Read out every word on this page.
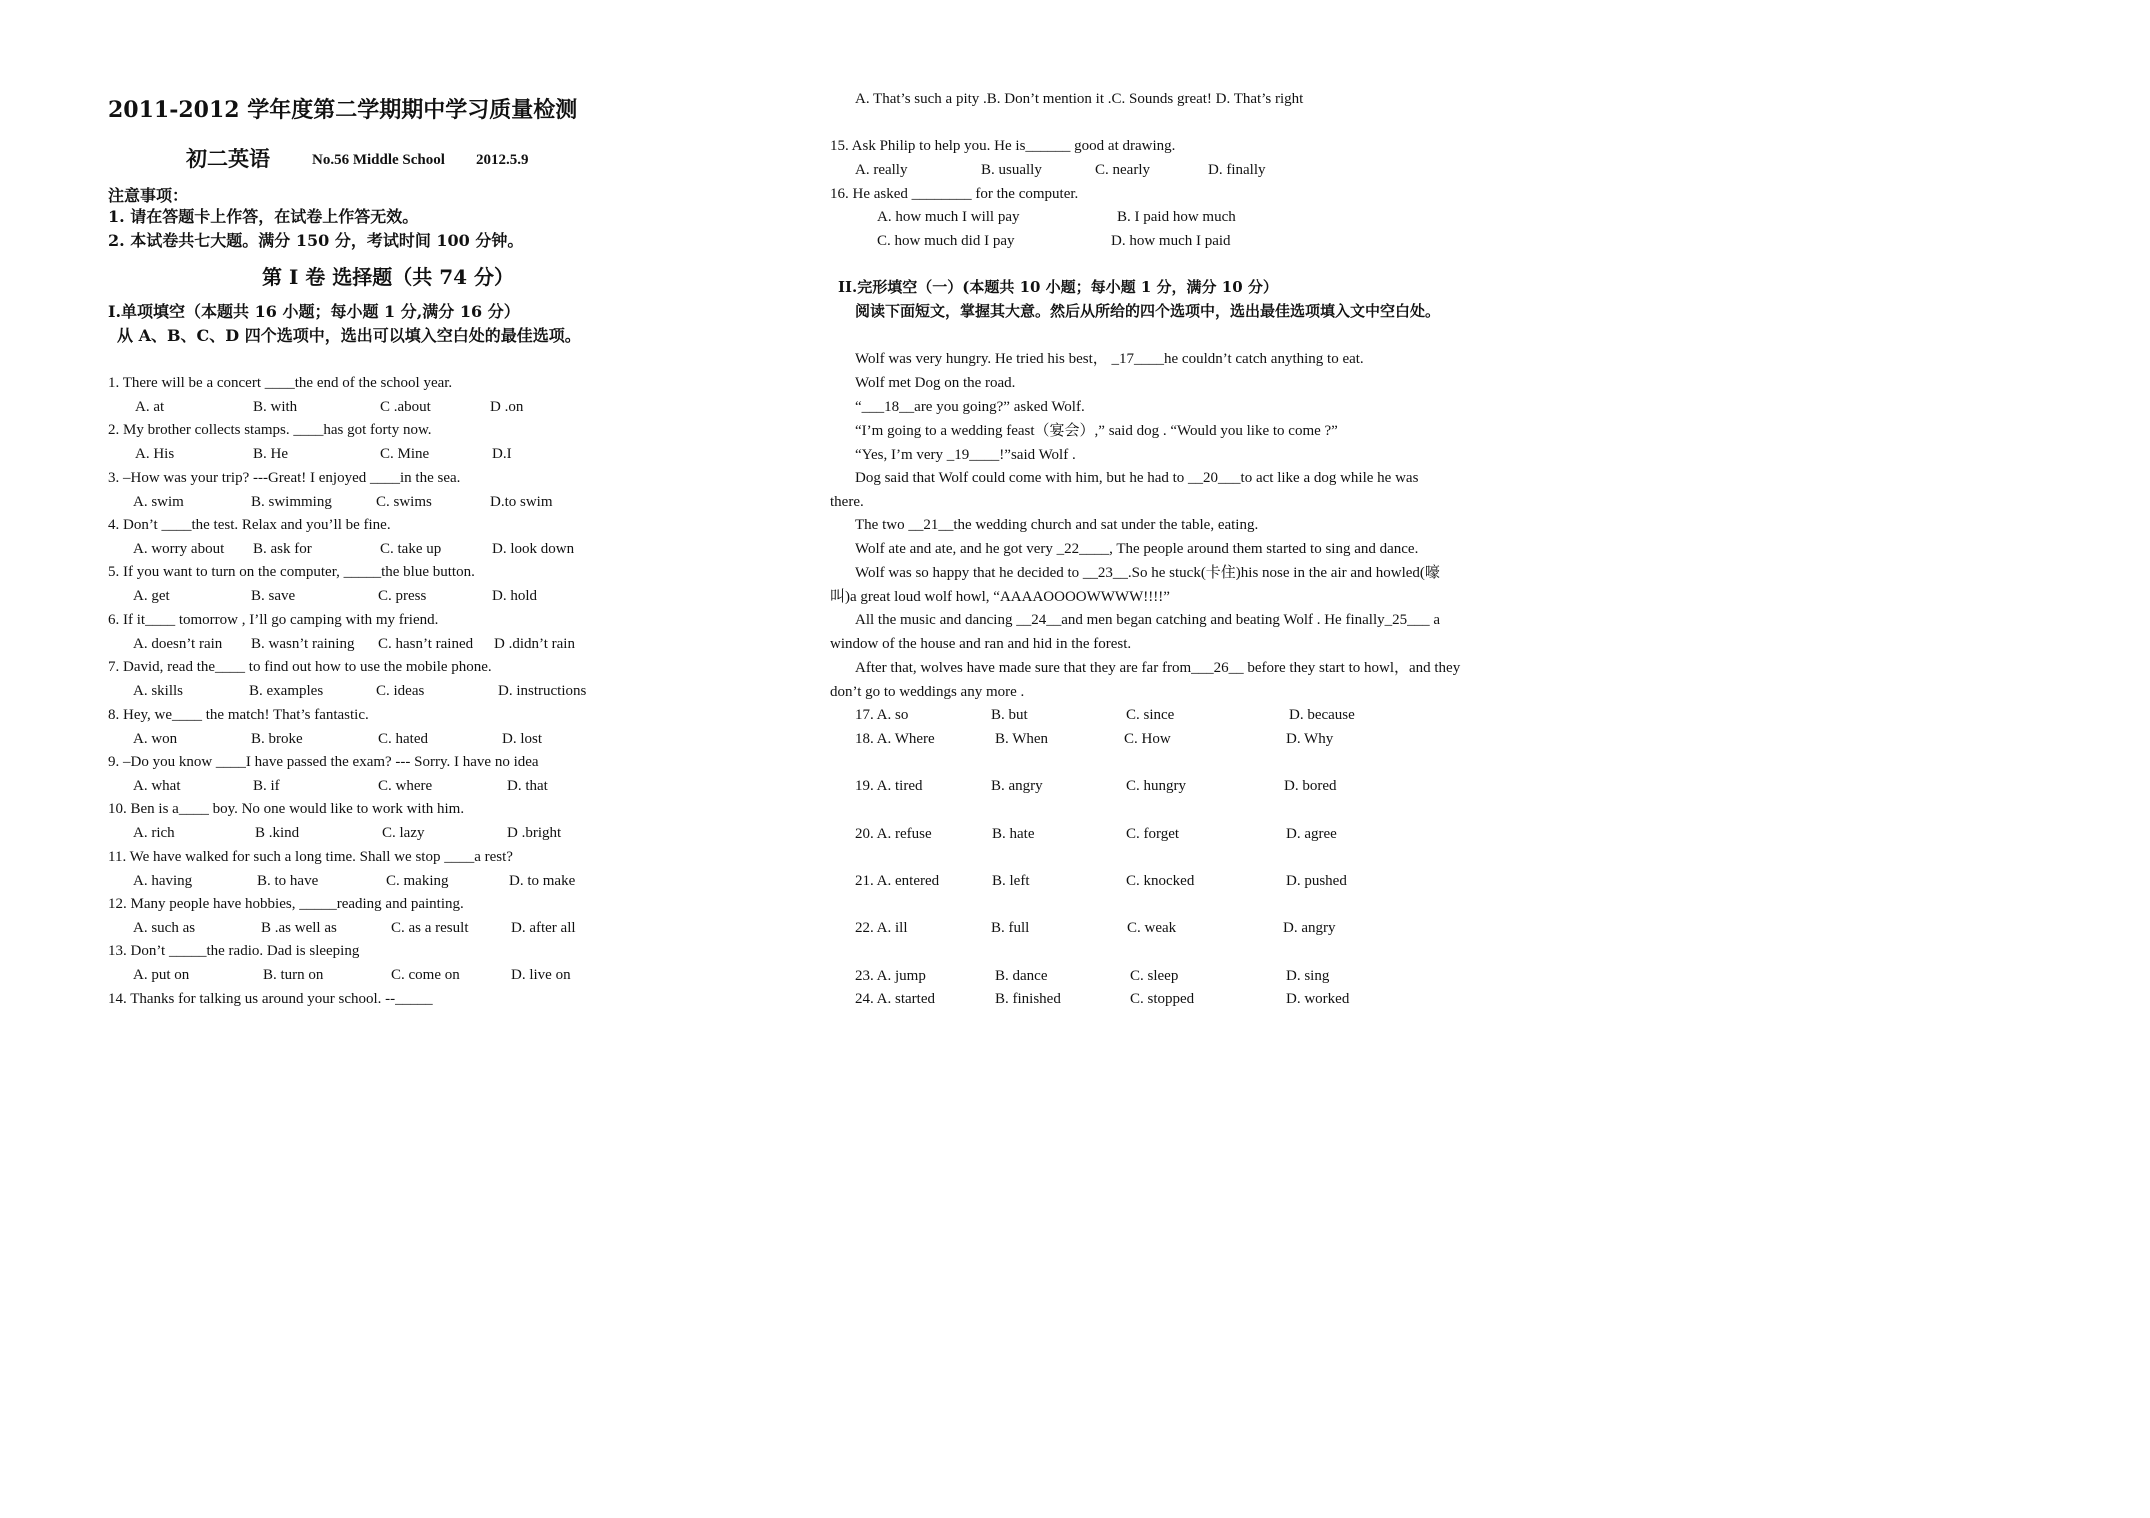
2011-2012 学年度第二学期期中学习质量检测
初二英语	No.56 Middle School 2012.5.9
注意事项：
1. 请在答题卡上作答，在试卷上作答无效。
2. 本试卷共七大题。满分 150 分，考试时间 100 分钟。
第 I 卷 选择题（共 74 分）
I.单项填空（本题共 16 小题；每小题 1 分,满分 16 分）
从 A、B、C、D 四个选项中，选出可以填入空白处的最佳选项。
1. There will be a concert ____the end of the school year.
A. at	B. with	C .about	D .on
2. My brother collects stamps. ____has got forty now.
A. His	B. He	C. Mine	D.I
3. –How was your trip? ---Great! I enjoyed ____in the sea.
A. swim	B. swimming	C. swims	D.to swim
4. Don’t ____the test. Relax and you’ll be fine.
A. worry about B. ask for	C. take up	D. look down
5. If you want to turn on the computer, _____the blue button.
A. get	B. save	C. press	D. hold
6. If it____ tomorrow , I’ll go camping with my friend.
A. doesn’t rain B. wasn’t raining C. hasn’t rained D .didn’t rain
7. David, read the____ to find out how to use the mobile phone.
A. skills	B. examples	C. ideas	D. instructions
8. Hey, we____ the match! That’s fantastic.
A. won	B. broke	C. hated	D. lost
9. –Do you know ____I have passed the exam? --- Sorry. I have no idea
A. what	B. if	C. where	D. that
10. Ben is a____ boy. No one would like to work with him.
A. rich	B .kind	C. lazy	D .bright
11. We have walked for such a long time. Shall we stop ____a rest?
A. having	B. to have	C. making	D. to make
12. Many people have hobbies, _____reading and painting.
A. such as	B .as well as	C. as a result	D. after all
13. Don’t _____the radio. Dad is sleeping
A. put on	B. turn on	C. come on	D. live on
14. Thanks for talking us around your school. --_____
A. That’s such a pity .B. Don’t mention it .C. Sounds great! D. That’s right
15. Ask Philip to help you. He is______ good at drawing.
A. really	B. usually	C. nearly	D. finally
16. He asked ________ for the computer.
A. how much I will pay	B. I paid how much
C. how much did I pay	D. how much I paid
II.完形填空（一）(本题共 10 小题；每小题 1 分，满分 10 分）
阅读下面短文，掌握其大意。然后从所给的四个选项中，选出最佳选项填入文中空白处。
Wolf was very hungry. He tried his best， _17____he couldn’t catch anything to eat.
Wolf met Dog on the road.
“___18__are you going?” asked Wolf.
“I’m going to a wedding feast（宴会）,” said dog . “Would you like to come ?”
“Yes, I’m very _19____!”said Wolf .
Dog said that Wolf could come with him, but he had to __20___to act like a dog while he was
there.
The two __21__the wedding church and sat under the table, eating.
Wolf ate and ate, and he got very _22____, The people around them started to sing and dance.
Wolf was so happy that he decided to __23__.So he stuck(卡住)his nose in the air and howled(嚎
叫)a great loud wolf howl, “AAAAOOOOWWWW!!!!”
All the music and dancing __24__and men began catching and beating Wolf . He finally_25___ a
window of the house and ran and hid in the forest.
After that, wolves have made sure that they are far from___26__ before they start to howl，and they
don’t go to weddings any more .
17. A. so	B. but	C. since	D. because
18. A. Where	B. When	C. How	D. Why
19. A. tired	B. angry	C. hungry	D. bored
20. A. refuse	B. hate	C. forget	D. agree
21. A. entered	B. left	C. knocked	D. pushed
22. A. ill	B. full	C. weak	D. angry
23. A. jump	B. dance	C. sleep	D. sing
24. A. started	B. finished	C. stopped	D. worked
